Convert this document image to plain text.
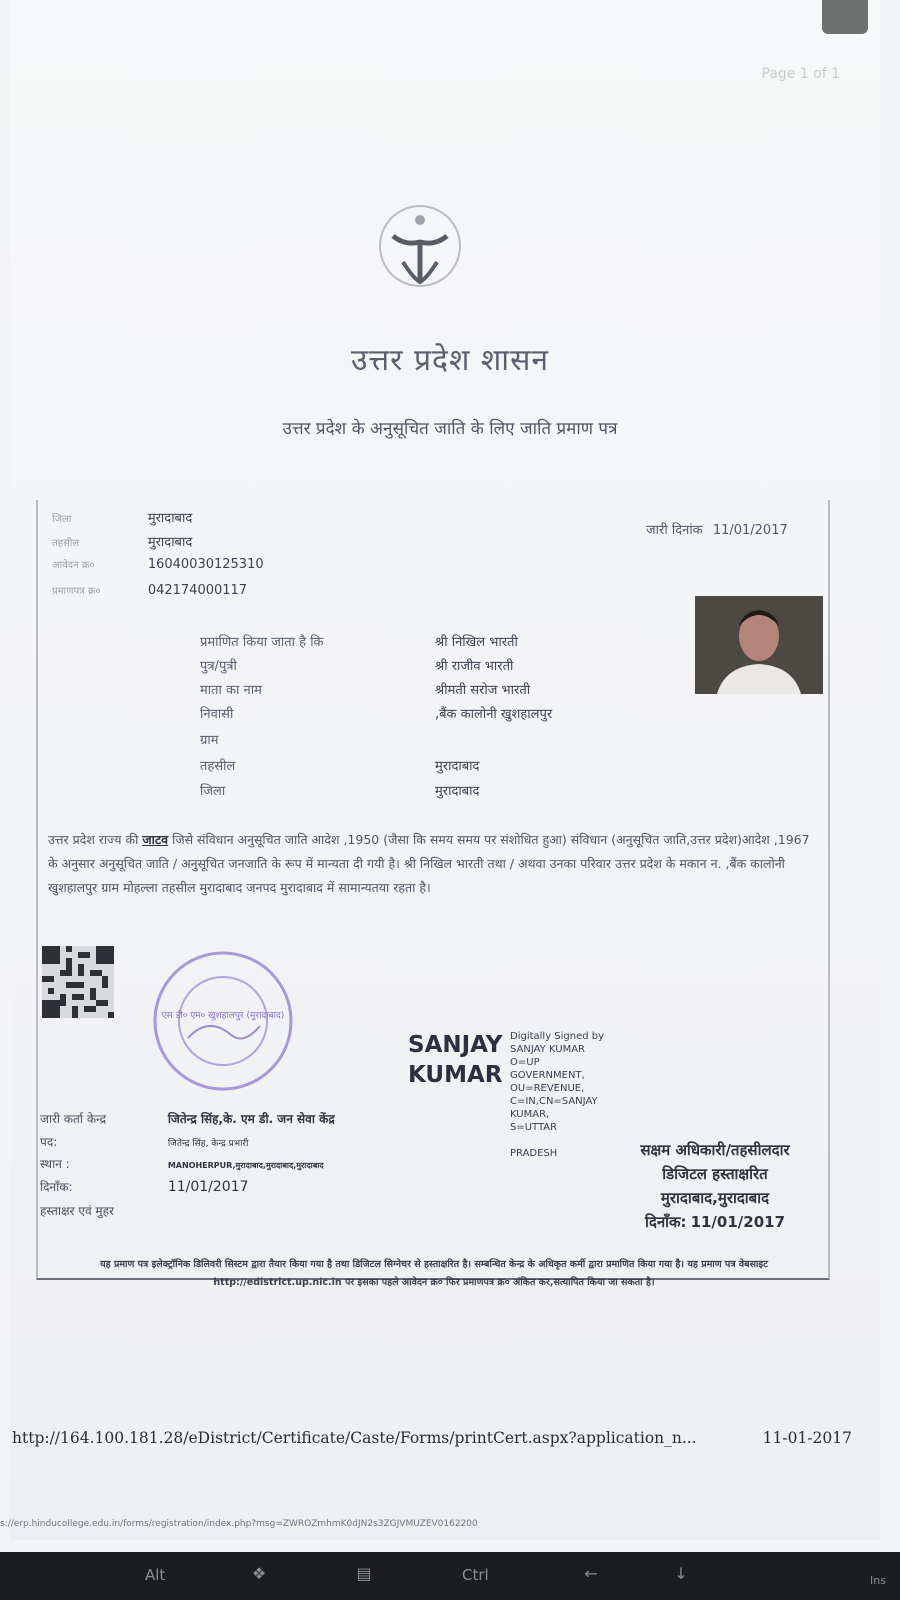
Page 1 of 1
उत्तर प्रदेश शासन
उत्तर प्रदेश के अनुसूचित जाति के लिए जाति प्रमाण पत्र
जिला	मुरादाबाद
तहसील	मुरादाबाद
आवेदन क्र०	16040030125310
प्रमाणपत्र क्र०	042174000117
जारी दिनांक 11/01/2017
प्रमाणित किया जाता है कि	श्री निखिल भारती
पुत्र/पुत्री	श्री राजीव भारती
माता का नाम	श्रीमती सरोज भारती
निवासी	,बैंक कालोनी खुशहालपुर
ग्राम
तहसील	मुरादाबाद
जिला	मुरादाबाद
उत्तर प्रदेश राज्य की जाटव जिसे संविधान अनुसूचित जाति आदेश ,1950 (जैसा कि समय समय पर संशोधित हुआ) संविधान (अनुसूचित जाति,उत्तर प्रदेश)आदेश ,1967 के अनुसार अनुसूचित जाति / अनुसूचित जनजाति के रूप में मान्यता दी गयी है। श्री निखिल भारती तथा / अथवा उनका परिवार उत्तर प्रदेश के मकान न. ,बैंक कालोनी खुशहालपुर ग्राम मोहल्ला तहसील मुरादाबाद जनपद मुरादाबाद में सामान्यतया रहता है।
एस डी० एम० खुशहालपुर (मुरादाबाद)
SANJAY
KUMAR
Digitally Signed by
SANJAY KUMAR
O=UP
GOVERNMENT,
OU=REVENUE,
C=IN,CN=SANJAY
KUMAR,
S=UTTAR
PRADESH
जारी कर्ता केन्द्र	जितेन्द्र सिंह,के. एम डी. जन सेवा केंद्र
पद:	जितेन्द्र सिंह, केन्द्र प्रभारी
स्थान :	MANOHERPUR,मुरादाबाद,मुरादाबाद,मुरादाबाद
दिनाँक:	11/01/2017
हस्ताक्षर एवं मुहर
सक्षम अधिकारी/तहसीलदार
डिजिटल हस्ताक्षरित
मुरादाबाद,मुरादाबाद
दिनाँक: 11/01/2017
यह प्रमाण पत्र इलेक्ट्रॉनिक डिलिवरी सिस्टम द्वारा तैयार किया गया है तथा डिजिटल सिग्नेचर से हस्ताक्षरित है। सम्बन्धित केन्द्र के अधिकृत कर्मी द्वारा प्रमाणित किया गया है। यह प्रमाण पत्र वेबसाइट http://edistrict.up.nic.in पर इसका पहले आवेदन क्र० फिर प्रमाणपत्र क्र० अंकित कर,सत्यापित किया जा सकता है।
http://164.100.181.28/eDistrict/Certificate/Caste/Forms/printCert.aspx?application_n...	11-01-2017
s://erp.hinducollege.edu.in/forms/registration/index.php?msg=ZWROZmhmK0dJN2s3ZGJVMUZEV0162200
Alt	❖	▤	Ctrl	←	↓	Ins
